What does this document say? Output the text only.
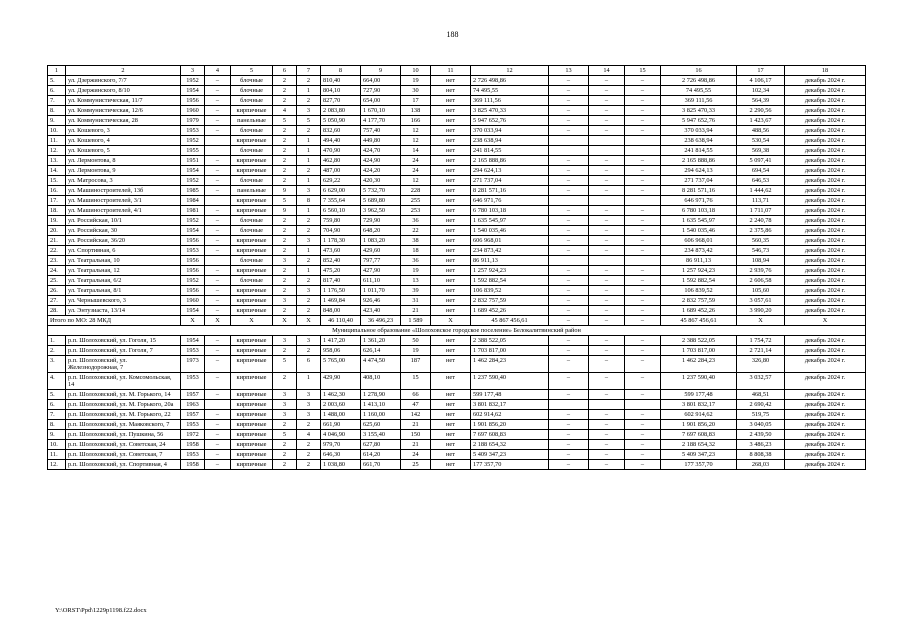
188
1	2	3	4	5	6	7	8	9	10	11	12	13	14	15	16	17	18
5.	ул. Дзержинского, 7/7	1952	–	блочные	2	2	810,40	664,00	19	нет	2 726 498,86	–	–	–	2 726 498,86	4 106,17	декабрь 2024 г.
6.	ул. Дзержинского, 8/10	1954	–	блочные	2	1	804,10	727,90	30	нет	74 495,55	–	–	–	74 495,55	102,34	декабрь 2024 г.
7.	ул. Коммунистическая, 11/7	1956	–	блочные	2	2	827,70	654,00	17	нет	369 111,56	–	–	–	369 111,56	564,39	декабрь 2024 г.
8.	ул. Коммунистическая, 12/6	1960	–	кирпичные	4	3	2 083,80	1 670,10	138	нет	3 825 470,33	–	–	–	3 825 470,33	2 290,56	декабрь 2024 г.
9.	ул. Коммунистическая, 28	1979	–	панельные	5	5	5 050,90	4 177,70	166	нет	5 947 652,76	–	–	–	5 947 652,76	1 423,67	декабрь 2024 г.
10.	ул. Кошевого, 3	1953	–	блочные	2	2	832,60	757,40	12	нет	370 033,94	–	–	–	370 033,94	488,56	декабрь 2024 г.
11.	ул. Кошевого, 4	1952		кирпичные	2	1	494,40	449,80	12	нет	238 638,94				238 638,94	530,54	декабрь 2024 г.
12.	ул. Кошевого, 5	1955		блочные	2	1	470,90	424,70	14	нет	241 814,55				241 814,55	569,38	декабрь 2024 г.
13.	ул. Лермонтова, 8	1951	–	кирпичные	2	1	462,80	424,90	24	нет	2 165 888,86	–	–	–	2 165 888,86	5 097,41	декабрь 2024 г.
14.	ул. Лермонтова, 9	1954	–	кирпичные	2	2	487,00	424,20	24	нет	294 624,13	–	–	–	294 624,13	694,54	декабрь 2024 г.
15.	ул. Матросова, 3	1952	–	блочные	2	1	629,22	420,30	12	нет	271 737,04	–	–	–	271 737,04	646,53	декабрь 2024 г.
16.	ул. Машиностроителей, 13б	1985	–	панельные	9	3	6 629,00	5 732,70	228	нет	8 281 571,16	–	–	–	8 281 571,16	1 444,62	декабрь 2024 г.
17.	ул. Машиностроителей, 3/1	1984		кирпичные	5	8	7 355,64	5 689,80	255	нет	646 971,76				646 971,76	113,71	декабрь 2024 г.
18.	ул. Машиностроителей, 4/1	1981	–	кирпичные	9	1	6 560,10	3 962,50	253	нет	6 780 103,18	–	–	–	6 780 103,18	1 711,07	декабрь 2024 г.
19.	ул. Российская, 10/1	1952	–	блочные	2	2	759,80	729,90	36	нет	1 635 545,97	–	–	–	1 635 545,97	2 240,78	декабрь 2024 г.
20.	ул. Российская, 30	1954	–	блочные	2	2	704,90	648,20	22	нет	1 540 035,46	–	–	–	1 540 035,46	2 375,86	декабрь 2024 г.
21.	ул. Российская, 36/20	1956	–	кирпичные	2	3	1 178,30	1 083,20	38	нет	606 968,01	–	–	–	606 968,01	560,35	декабрь 2024 г.
22.	ул. Спортивная, 6	1953	–	кирпичные	2	1	473,60	429,60	18	нет	234 873,42	–	–	–	234 873,42	546,73	декабрь 2024 г.
23.	ул. Театральная, 10	1956		блочные	3	2	852,40	797,77	36	нет	86 911,13				86 911,13	108,94	декабрь 2024 г.
24.	ул. Театральная, 12	1956	–	кирпичные	2	1	475,20	427,90	19	нет	1 257 924,23	–	–	–	1 257 924,23	2 939,76	декабрь 2024 г.
25.	ул. Театральная, 6/2	1952	–	блочные	2	2	817,40	611,10	13	нет	1 592 882,54	–	–	–	1 592 882,54	2 606,58	декабрь 2024 г.
26.	ул. Театральная, 8/1	1956	–	кирпичные	2	3	1 176,50	1 011,70	39	нет	106 839,52	–	–	–	106 839,52	105,60	декабрь 2024 г.
27.	ул. Чернышевского, 3	1960	–	кирпичные	3	2	1 469,84	926,46	31	нет	2 832 757,59	–	–	–	2 832 757,59	3 057,61	декабрь 2024 г.
28.	ул. Энтузиаста, 13/14	1954	–	кирпичные	2	2	848,00	423,40	21	нет	1 689 452,26	–	–	–	1 689 452,26	3 990,20	декабрь 2024 г.
Итого по МО: 28 МКД		X	X	X	X	X	46 110,40	36 496,23	1 589	X	45 867 456,61	–	–	–	45 867 456,61	X	X
Муниципальное образование «Шолоховское городское поселение» Белокалитвинский район																	
1.	р.п. Шолоховский, ул. Гоголя, 15	1954	–	кирпичные	3	3	1 417,20	1 361,20	50	нет	2 388 522,05	–	–	–	2 388 522,05	1 754,72	декабрь 2024 г.
2.	р.п. Шолоховский, ул. Гоголя, 7	1953	–	кирпичные	2	2	958,06	626,14	19	нет	1 703 817,00	–	–	–	1 703 817,00	2 721,14	декабрь 2024 г.
3.	р.п. Шолоховский, ул. Железнодорожная, 7	1973	–	кирпичные	5	6	5 765,00	4 474,50	187	нет	1 462 284,23	–	–	–	1 462 284,23	326,80	декабрь 2024 г.
4.	р.п. Шолоховский, ул. Комсомольская, 14	1953	–	кирпичные	2	1	429,90	408,10	15	нет	1 237 590,40	–	–	–	1 237 590,40	3 032,57	декабрь 2024 г.
5.	р.п. Шолоховский, ул. М. Горького, 14	1957	–	кирпичные	3	3	1 462,30	1 278,90	66	нет	599 177,48	–	–	–	599 177,48	468,51	декабрь 2024 г.
6.	р.п. Шолоховский, ул. М. Горького, 20а	1963		кирпичные	3	3	2 003,60	1 413,10	47	нет	3 801 832,17				3 801 832,17	2 690,42	декабрь 2024 г.
7.	р.п. Шолоховский, ул. М. Горького, 22	1957	–	кирпичные	3	3	1 488,00	1 160,00	142	нет	602 914,62	–	–	–	602 914,62	519,75	декабрь 2024 г.
8.	р.п. Шолоховский, ул. Маяковского, 7	1953	–	кирпичные	2	2	661,90	625,60	21	нет	1 901 856,20	–	–	–	1 901 856,20	3 040,05	декабрь 2024 г.
9.	р.п. Шолоховский, ул. Пушкина, 56	1972	–	кирпичные	5	4	4 046,90	3 155,40	150	нет	7 697 608,83	–	–	–	7 697 608,83	2 439,50	декабрь 2024 г.
10.	р.п. Шолоховский, ул. Советская, 24	1958	–	кирпичные	2	2	979,70	627,80	21	нет	2 188 654,32	–	–	–	2 188 654,32	3 486,23	декабрь 2024 г.
11.	р.п. Шолоховский, ул. Советская, 7	1953	–	кирпичные	2	2	646,30	614,20	24	нет	5 409 347,23	–	–	–	5 409 347,23	8 808,38	декабрь 2024 г.
12.	р.п. Шолоховский, ул. Спортивная, 4	1958	–	кирпичные	2	2	1 038,80	661,70	25	нет	177 357,70	–	–	–	177 357,70	268,03	декабрь 2024 г.
Y:\ORST\Ppd\1229p1198.f22.docx
